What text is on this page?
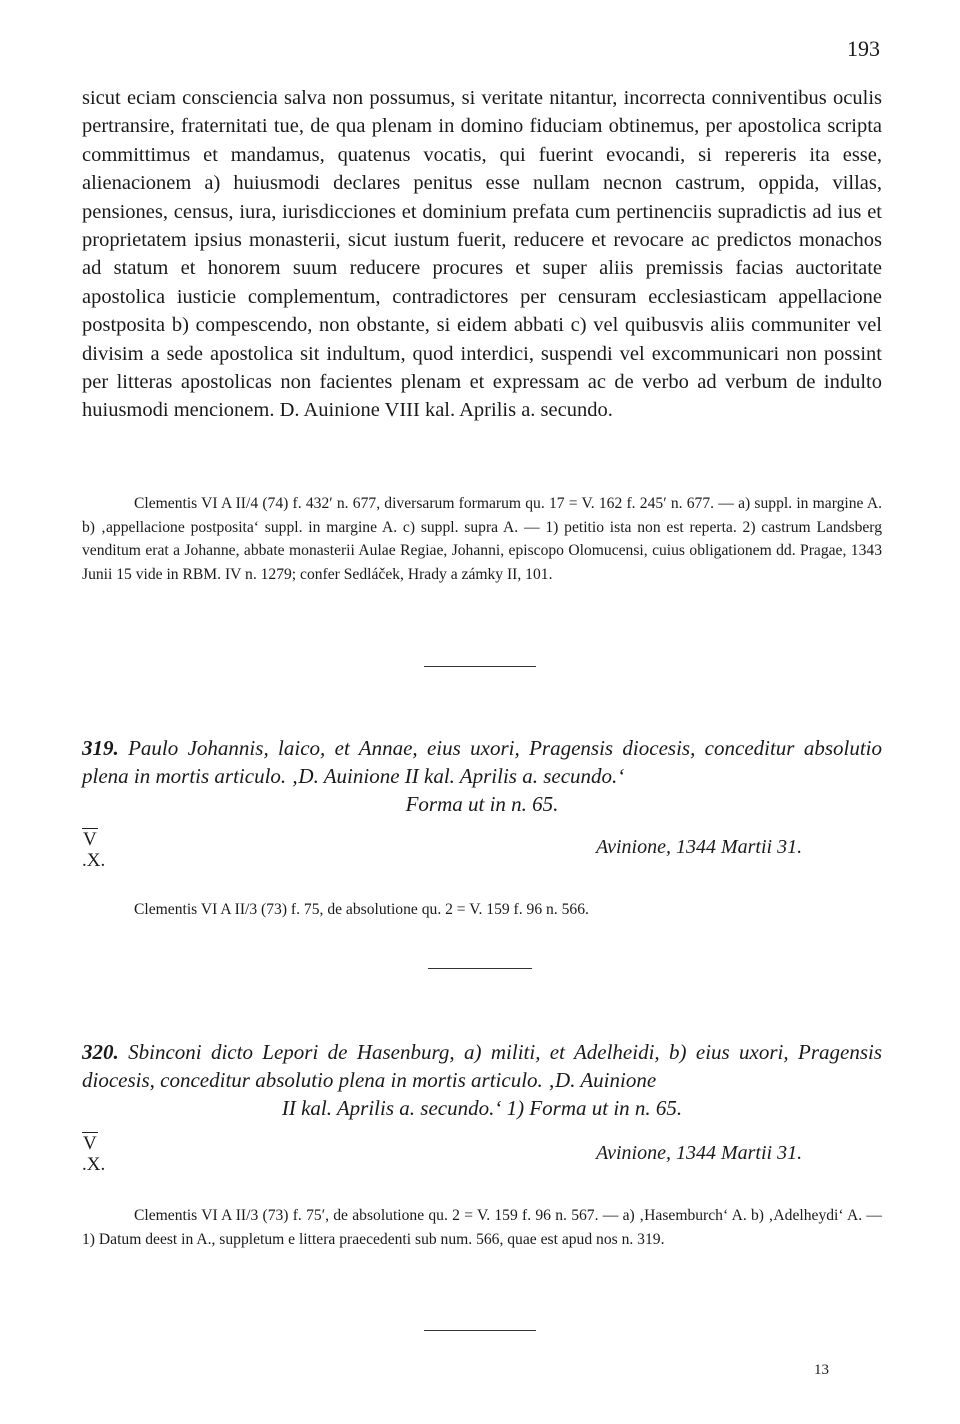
193

sicut eciam consciencia salva non possumus, si veritate nitantur, incorrecta conniventibus oculis pertransire, fraternitati tue, de qua plenam in domino fiduciam obtinemus, per apostolica scripta committimus et mandamus, quatenus vocatis, qui fuerint evocandi, si repereris ita esse, alienacionem a) huiusmodi declares penitus esse nullam necnon castrum, oppida, villas, pensiones, census, iura, iurisdicciones et dominium prefata cum pertinenciis supradictis ad ius et proprietatem ipsius monasterii, sicut iustum fuerit, reducere et revocare ac predictos monachos ad statum et honorem suum reducere procures et super aliis premissis facias auctoritate apostolica iusticie complementum, contradictores per censuram ecclesiasticam appellacione postposita b) compescendo, non obstante, si eidem abbati c) vel quibusvis aliis communiter vel divisim a sede apostolica sit indultum, quod interdici, suspendi vel excommunicari non possint per litteras apostolicas non facientes plenam et expressam ac de verbo ad verbum de indulto huiusmodi mencionem. D. Auinione VIII kal. Aprilis a. secundo.

Clementis VI A II/4 (74) f. 432′ n. 677, diversarum formarum qu. 17 = V. 162 f. 245′ n. 677. — a) suppl. in margine A. b) ‚appellacione postposita‘ suppl. in margine A. c) suppl. supra A. — 1) petitio ista non est reperta. 2) castrum Landsberg venditum erat a Johanne, abbate monasterii Aulae Regiae, Johanni, episcopo Olomucensi, cuius obligationem dd. Pragae, 1343 Junii 15 vide in RBM. IV n. 1279; confer Sedláček, Hrady a zámky II, 101.

319. Paulo Johannis, laico, et Annae, eius uxori, Pragensis diocesis, conceditur absolutio plena in mortis articulo. ‚D. Auinione II kal. Aprilis a. secundo.‘
Forma ut in n. 65.
V
.X.
Avinione, 1344 Martii 31.

Clementis VI A II/3 (73) f. 75, de absolutione qu. 2 = V. 159 f. 96 n. 566.

320. Sbinconi dicto Lepori de Hasenburg, a) militi, et Adelheidi, b) eius uxori, Pragensis diocesis, conceditur absolutio plena in mortis articulo. ‚D. Auinione
II kal. Aprilis a. secundo.‘ 1) Forma ut in n. 65.
V
.X.
Avinione, 1344 Martii 31.

Clementis VI A II/3 (73) f. 75′, de absolutione qu. 2 = V. 159 f. 96 n. 567. — a) ‚Hasemburch‘ A. b) ‚Adelheydi‘ A. — 1) Datum deest in A., suppletum e littera praecedenti sub num. 566, quae est apud nos n. 319.

13
